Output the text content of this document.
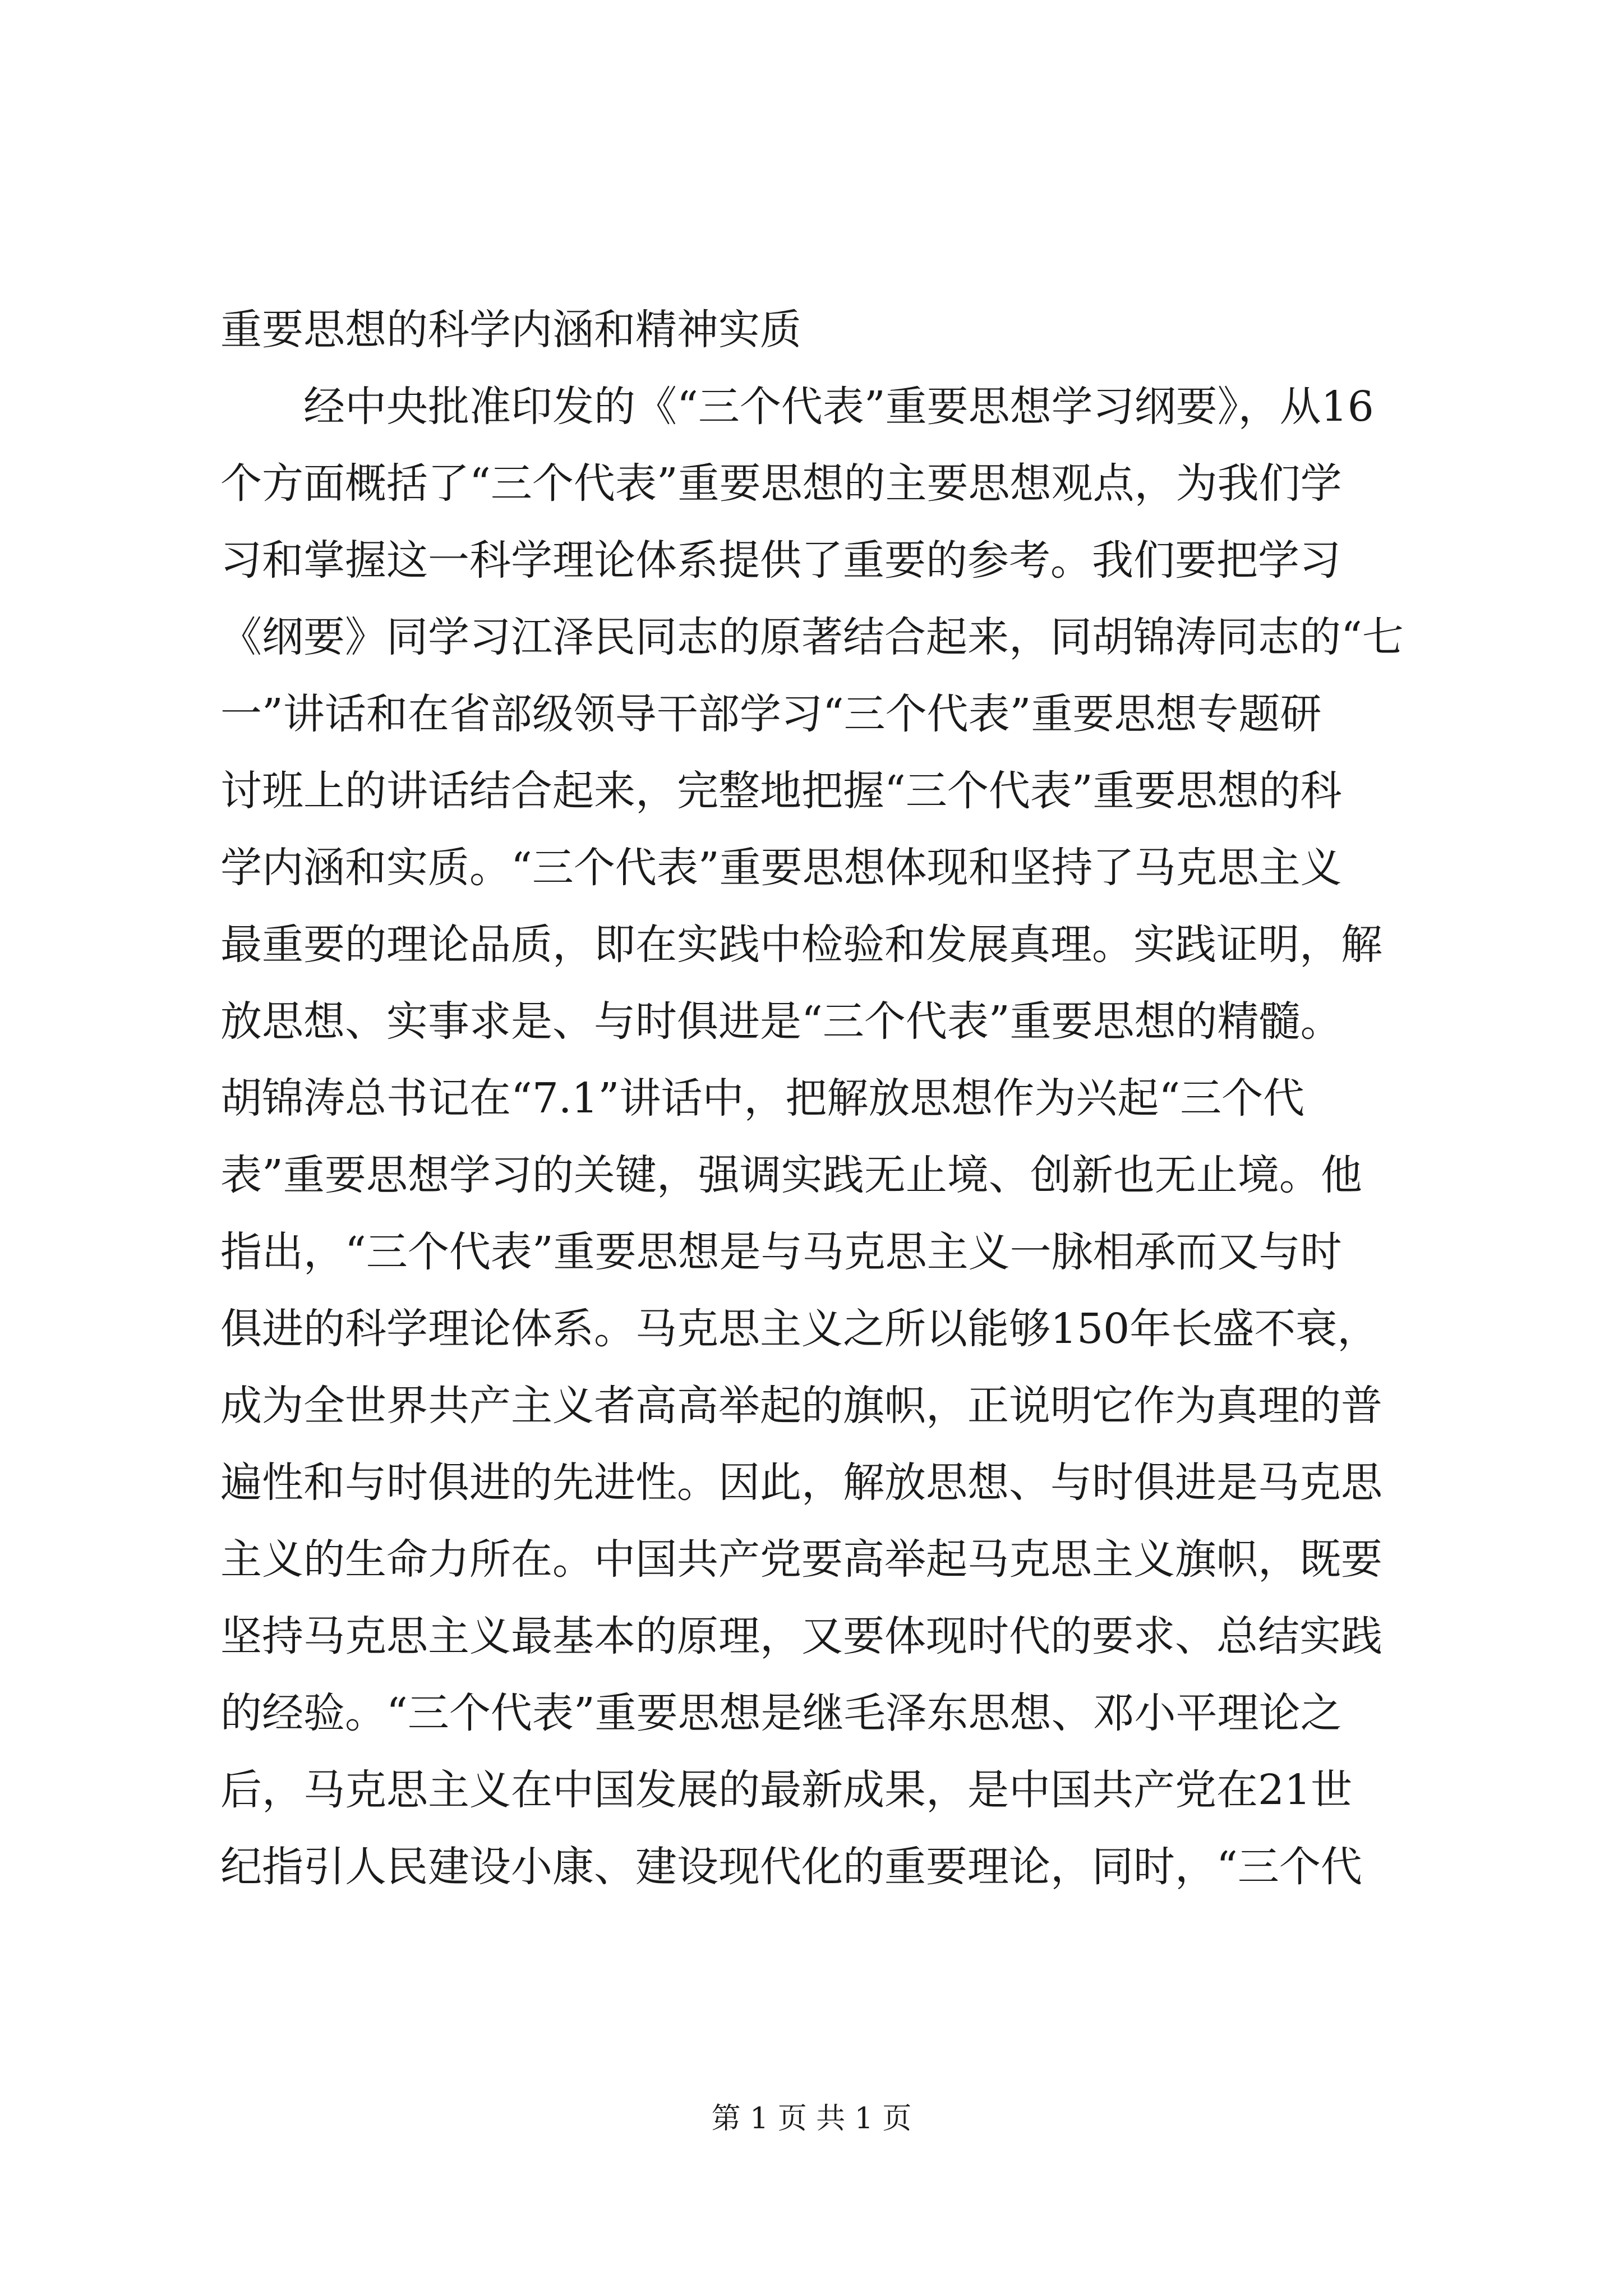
重要思想的科学内涵和精神实质
经中央批准印发的《“三个代表”重要思想学习纲要》，从16
个方面概括了“三个代表”重要思想的主要思想观点，为我们学
习和掌握这一科学理论体系提供了重要的参考。我们要把学习
《纲要》同学习江泽民同志的原著结合起来，同胡锦涛同志的“七
一”讲话和在省部级领导干部学习“三个代表”重要思想专题研
讨班上的讲话结合起来，完整地把握“三个代表”重要思想的科
学内涵和实质。“三个代表”重要思想体现和坚持了马克思主义
最重要的理论品质，即在实践中检验和发展真理。实践证明，解
放思想、实事求是、与时俱进是“三个代表”重要思想的精髓。
胡锦涛总书记在“7.1”讲话中，把解放思想作为兴起“三个代
表”重要思想学习的关键，强调实践无止境、创新也无止境。他
指出，“三个代表”重要思想是与马克思主义一脉相承而又与时
俱进的科学理论体系。马克思主义之所以能够150年长盛不衰，
成为全世界共产主义者高高举起的旗帜，正说明它作为真理的普
遍性和与时俱进的先进性。因此，解放思想、与时俱进是马克思
主义的生命力所在。中国共产党要高举起马克思主义旗帜，既要
坚持马克思主义最基本的原理，又要体现时代的要求、总结实践
的经验。“三个代表”重要思想是继毛泽东思想、邓小平理论之
后，马克思主义在中国发展的最新成果，是中国共产党在21世
纪指引人民建设小康、建设现代化的重要理论，同时，“三个代
第 1 页 共 1 页
